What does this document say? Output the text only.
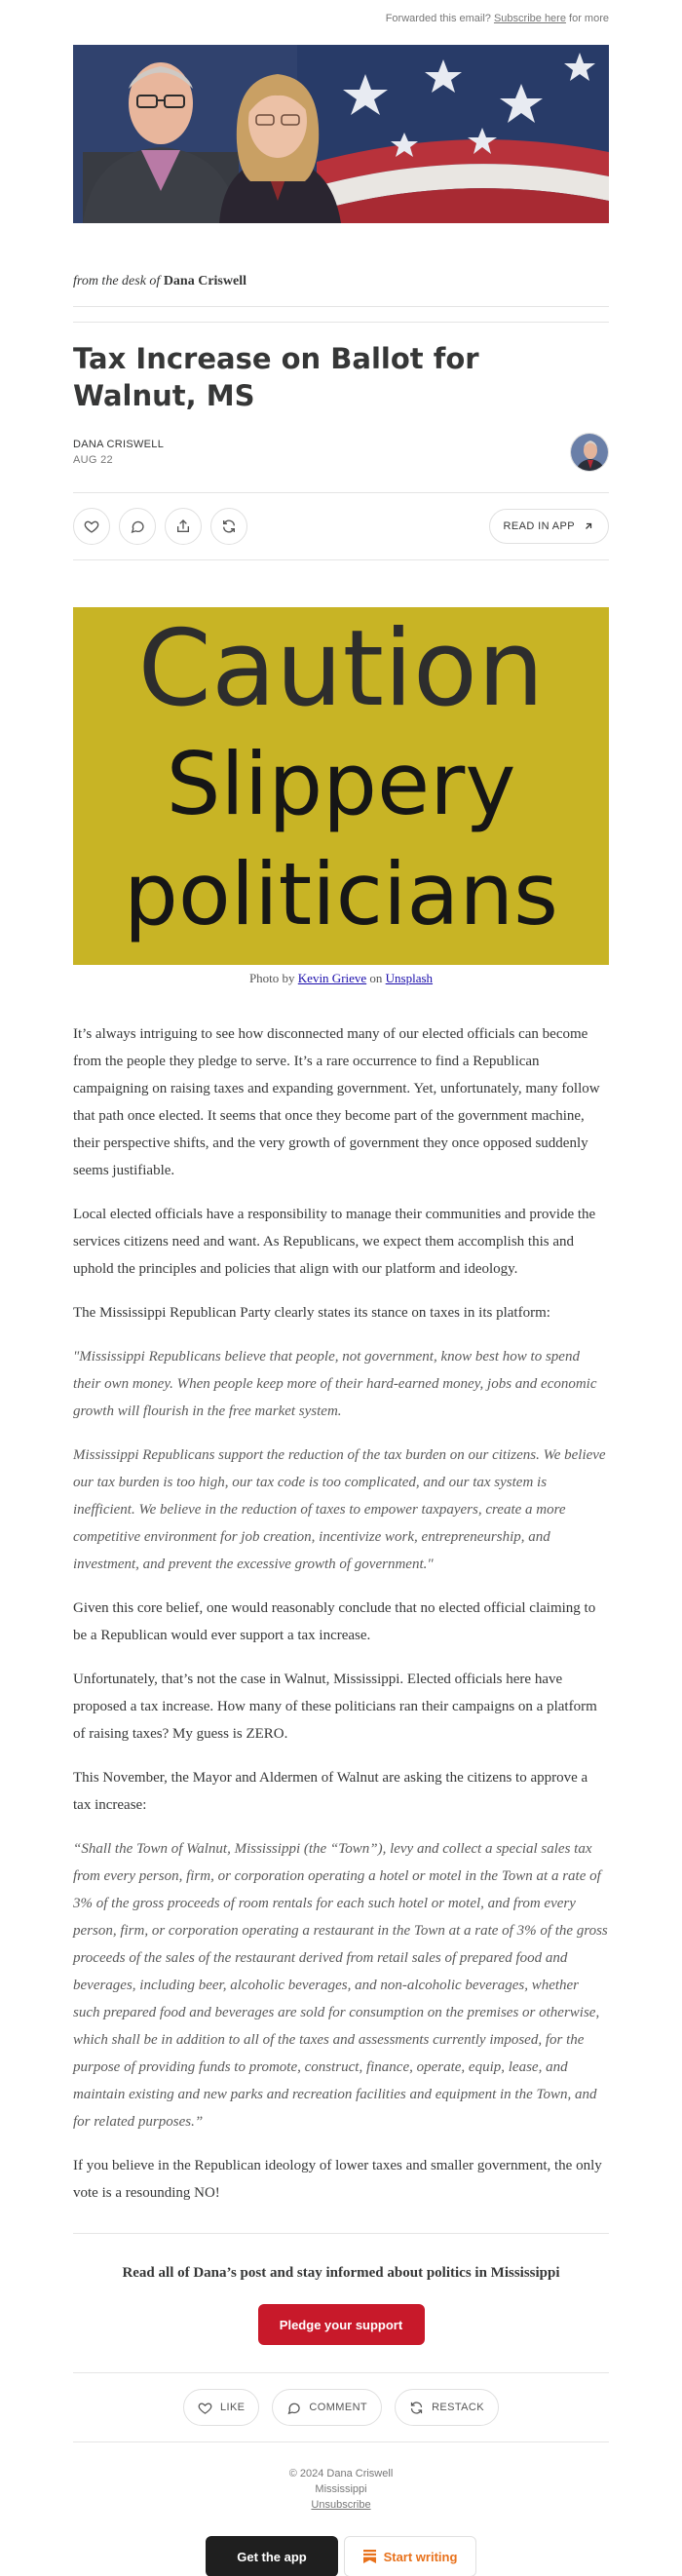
Forwarded this email? Subscribe here for more
from the desk of Dana Criswell
Tax Increase on Ballot for Walnut, MS
DANA CRISWELL
AUG 22
READ IN APP
Caution
Slippery
politicians
Photo by Kevin Grieve on Unsplash

It’s always intriguing to see how disconnected many of our elected officials can become from the people they pledge to serve. It’s a rare occurrence to find a Republican campaigning on raising taxes and expanding government. Yet, unfortunately, many follow that path once elected. It seems that once they become part of the government machine, their perspective shifts, and the very growth of government they once opposed suddenly seems justifiable.

Local elected officials have a responsibility to manage their communities and provide the services citizens need and want. As Republicans, we expect them accomplish this and uphold the principles and policies that align with our platform and ideology.

The Mississippi Republican Party clearly states its stance on taxes in its platform:

"Mississippi Republicans believe that people, not government, know best how to spend their own money. When people keep more of their hard-earned money, jobs and economic growth will flourish in the free market system.

Mississippi Republicans support the reduction of the tax burden on our citizens. We believe our tax burden is too high, our tax code is too complicated, and our tax system is inefficient. We believe in the reduction of taxes to empower taxpayers, create a more competitive environment for job creation, incentivize work, entrepreneurship, and investment, and prevent the excessive growth of government."

Given this core belief, one would reasonably conclude that no elected official claiming to be a Republican would ever support a tax increase.

Unfortunately, that’s not the case in Walnut, Mississippi. Elected officials here have proposed a tax increase. How many of these politicians ran their campaigns on a platform of raising taxes? My guess is ZERO.

This November, the Mayor and Aldermen of Walnut are asking the citizens to approve a tax increase:

“Shall the Town of Walnut, Mississippi (the “Town”), levy and collect a special sales tax from every person, firm, or corporation operating a hotel or motel in the Town at a rate of 3% of the gross proceeds of room rentals for each such hotel or motel, and from every person, firm, or corporation operating a restaurant in the Town at a rate of 3% of the gross proceeds of the sales of the restaurant derived from retail sales of prepared food and beverages, including beer, alcoholic beverages, and non-alcoholic beverages, whether such prepared food and beverages are sold for consumption on the premises or otherwise, which shall be in addition to all of the taxes and assessments currently imposed, for the purpose of providing funds to promote, construct, finance, operate, equip, lease, and maintain existing and new parks and recreation facilities and equipment in the Town, and for related purposes.”

If you believe in the Republican ideology of lower taxes and smaller government, the only vote is a resounding NO!

Read all of Dana’s post and stay informed about politics in Mississippi
Pledge your support
LIKE	COMMENT	RESTACK
© 2024 Dana Criswell
Mississippi
Unsubscribe
Get the app	Start writing
